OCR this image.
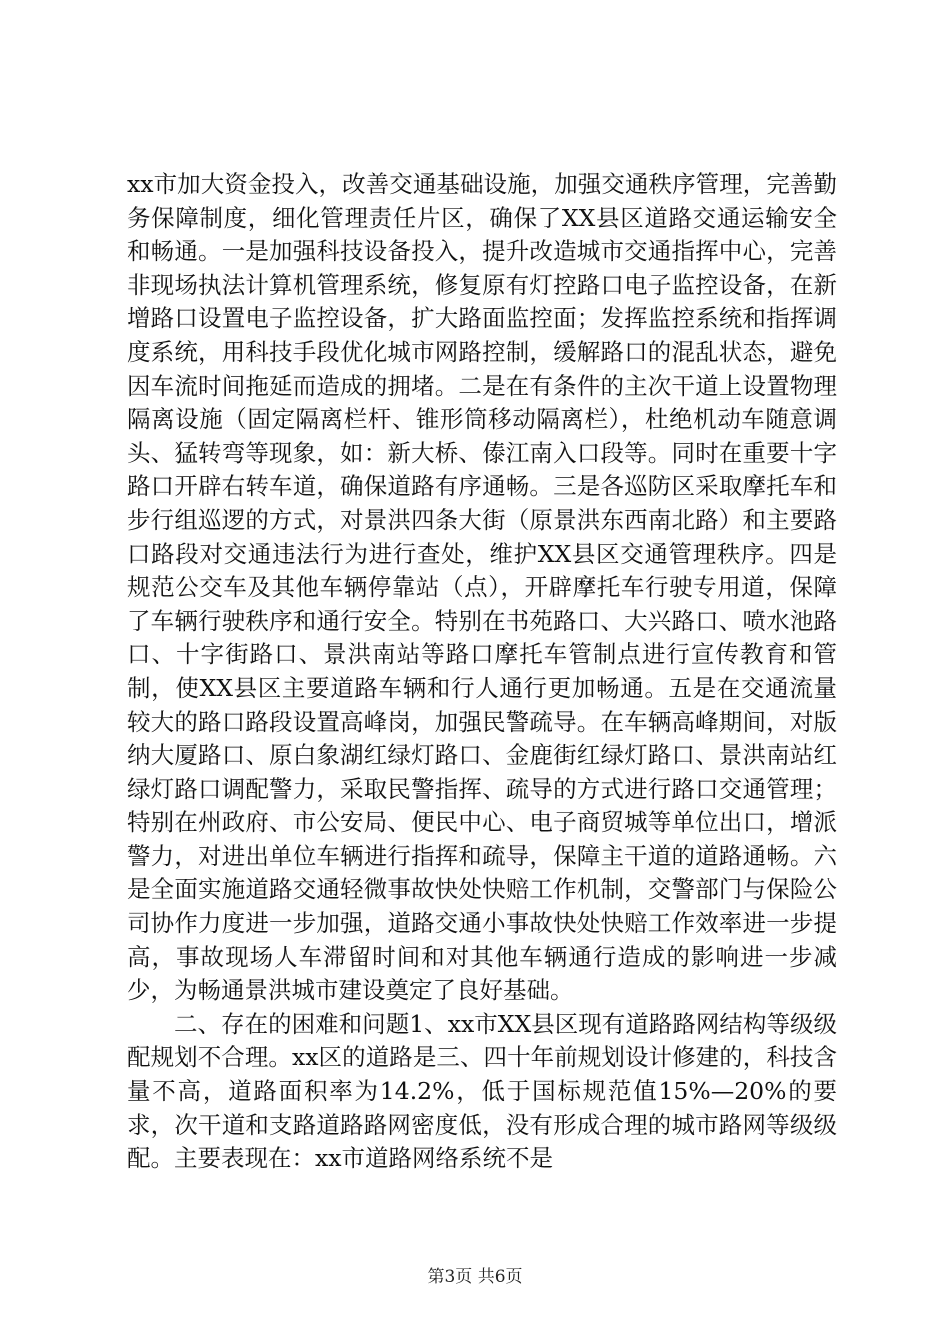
xx市加大资金投入，改善交通基础设施，加强交通秩序管理，完善勤务保障制度，细化管理责任片区，确保了XX县区道路交通运输安全和畅通。一是加强科技设备投入，提升改造城市交通指挥中心，完善非现场执法计算机管理系统，修复原有灯控路口电子监控设备，在新增路口设置电子监控设备，扩大路面监控面；发挥监控系统和指挥调度系统，用科技手段优化城市网路控制，缓解路口的混乱状态，避免因车流时间拖延而造成的拥堵。二是在有条件的主次干道上设置物理隔离设施（固定隔离栏杆、锥形筒移动隔离栏），杜绝机动车随意调头、猛转弯等现象，如：新大桥、傣江南入口段等。同时在重要十字路口开辟右转车道，确保道路有序通畅。三是各巡防区采取摩托车和步行组巡逻的方式，对景洪四条大街（原景洪东西南北路）和主要路口路段对交通违法行为进行查处，维护XX县区交通管理秩序。四是规范公交车及其他车辆停靠站（点），开辟摩托车行驶专用道，保障了车辆行驶秩序和通行安全。特别在书苑路口、大兴路口、喷水池路口、十字街路口、景洪南站等路口摩托车管制点进行宣传教育和管制，使XX县区主要道路车辆和行人通行更加畅通。五是在交通流量较大的路口路段设置高峰岗，加强民警疏导。在车辆高峰期间，对版纳大厦路口、原白象湖红绿灯路口、金鹿街红绿灯路口、景洪南站红绿灯路口调配警力，采取民警指挥、疏导的方式进行路口交通管理；特别在州政府、市公安局、便民中心、电子商贸城等单位出口，增派警力，对进出单位车辆进行指挥和疏导，保障主干道的道路通畅。六是全面实施道路交通轻微事故快处快赔工作机制，交警部门与保险公司协作力度进一步加强，道路交通小事故快处快赔工作效率进一步提高，事故现场人车滞留时间和对其他车辆通行造成的影响进一步减少，为畅通景洪城市建设奠定了良好基础。

二、存在的困难和问题1、xx市XX县区现有道路路网结构等级级配规划不合理。xx区的道路是三、四十年前规划设计修建的，科技含量不高，道路面积率为14.2%，低于国标规范值15%—20%的要求，次干道和支路道路路网密度低，没有形成合理的城市路网等级级配。主要表现在：xx市道路网络系统不是

第3页 共6页
